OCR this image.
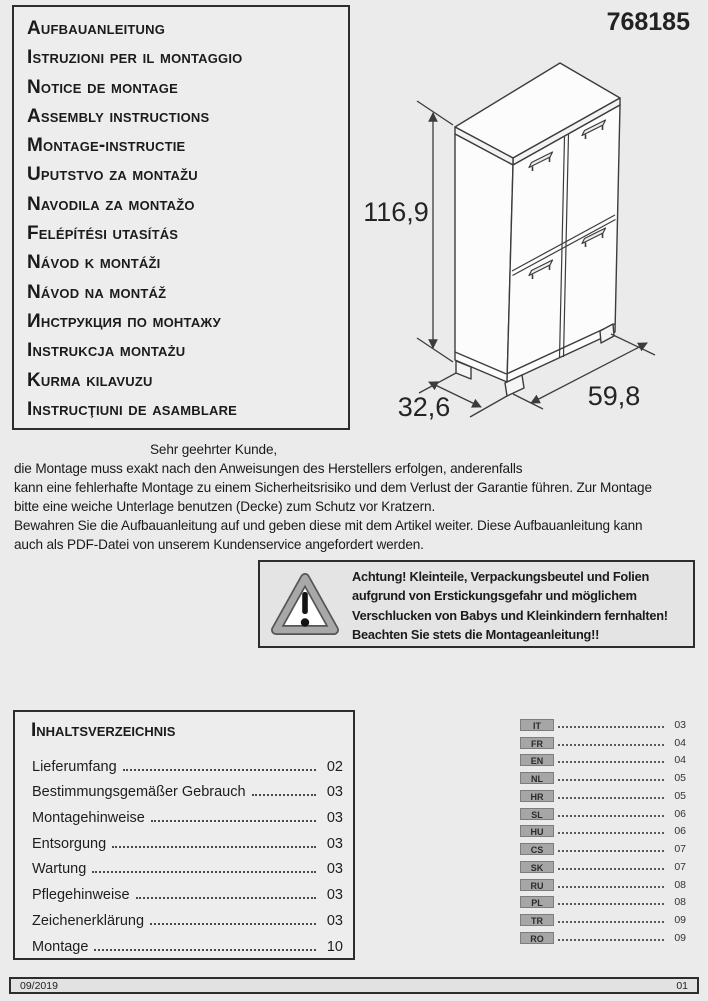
Aufbauanleitung
Istruzioni per il montaggio
Notice de montage
Assembly instructions
Montage-instructie
Uputstvo za montažu
Navodila za montažo
Felépítési utasítás
Návod k montáži
Návod na montáž
Инструкция по монтажу
Instrukcja montażu
Kurma kilavuzu
Instrucţiuni de asamblare
768185
116,9
32,6	59,8
Sehr geehrter Kunde,
die Montage muss exakt nach den Anweisungen des Herstellers erfolgen, anderenfalls
kann eine fehlerhafte Montage zu einem Sicherheitsrisiko und dem Verlust der Garantie führen. Zur Montage
bitte eine weiche Unterlage benutzen (Decke) zum Schutz vor Kratzern.
Bewahren Sie die Aufbauanleitung auf und geben diese mit dem Artikel weiter. Diese Aufbauanleitung kann
auch als PDF-Datei von unserem Kundenservice angefordert werden.
Achtung! Kleinteile, Verpackungsbeutel und Folien
aufgrund von Erstickungsgefahr und möglichem
Verschlucken von Babys und Kleinkindern fernhalten!
Beachten Sie stets die Montageanleitung!!
Inhaltsverzeichnis
Lieferumfang	02
Bestimmungsgemäßer Gebrauch	03
Montagehinweise	03
Entsorgung	03
Wartung	03
Pflegehinweise	03
Zeichenerklärung	03
Montage	10
IT	03
FR	04
EN	04
NL	05
HR	05
SL	06
HU	06
CS	07
SK	07
RU	08
PL	08
TR	09
RO	09
09/2019	01
